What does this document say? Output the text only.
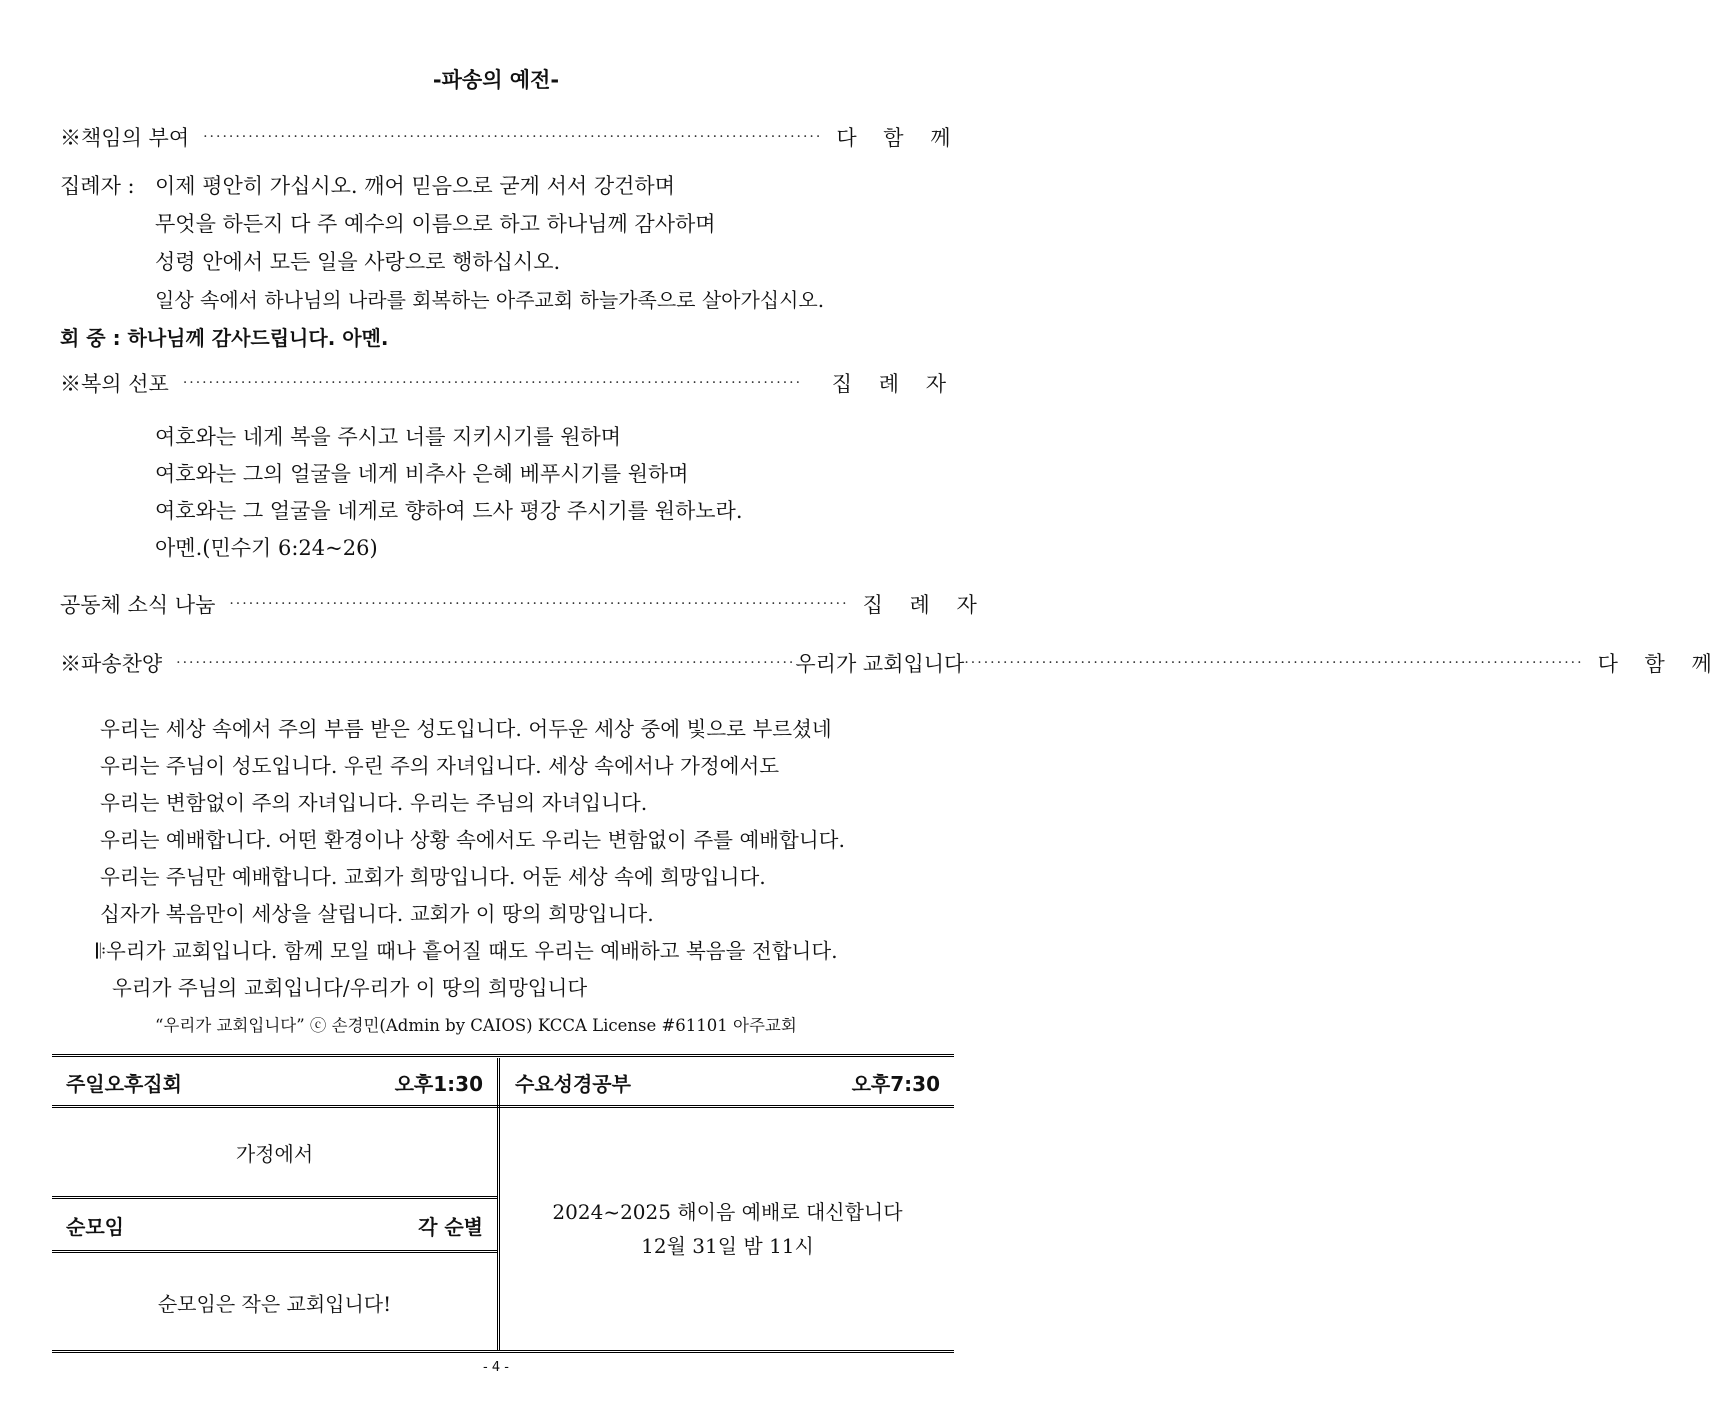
-파송의 예전-
※책임의 부여 ································································································ 다 함 께
집례자 : 이제 평안히 가십시오. 깨어 믿음으로 굳게 서서 강건하며
무엇을 하든지 다 주 예수의 이름으로 하고 하나님께 감사하며
성령 안에서 모든 일을 사랑으로 행하십시오.
일상 속에서 하나님의 나라를 회복하는 아주교회 하늘가족으로 살아가십시오.
회 중 : 하나님께 감사드립니다. 아멘.
※복의 선포 ································································································	집 례 자
여호와는 네게 복을 주시고 너를 지키시기를 원하며
여호와는 그의 얼굴을 네게 비추사 은혜 베푸시기를 원하며
여호와는 그 얼굴을 네게로 향하여 드사 평강 주시기를 원하노라.
아멘.(민수기 6:24~26)
공동체 소식 나눔 ································································································ 집 례 자
※파송찬양 ································································································ 우리가 교회입니다 ································································································ 다 함 께
우리는 세상 속에서 주의 부름 받은 성도입니다. 어두운 세상 중에 빛으로 부르셨네
우리는 주님이 성도입니다. 우린 주의 자녀입니다. 세상 속에서나 가정에서도
우리는 변함없이 주의 자녀입니다. 우리는 주님의 자녀입니다.
우리는 예배합니다. 어떤 환경이나 상황 속에서도 우리는 변함없이 주를 예배합니다.
우리는 주님만 예배합니다. 교회가 희망입니다. 어둔 세상 속에 희망입니다.
십자가 복음만이 세상을 살립니다. 교회가 이 땅의 희망입니다.
𝄆우리가 교회입니다. 함께 모일 때나 흩어질 때도 우리는 예배하고 복음을 전합니다.
우리가 주님의 교회입니다/우리가 이 땅의 희망입니다
“우리가 교회입니다” ⓒ 손경민(Admin by CAIOS) KCCA License #61101 아주교회
주일오후집회	오후1:30 수요성경공부	오후7:30
가정에서
순모임	각 순별
순모임은 작은 교회입니다!
2024~2025 해이음 예배로 대신합니다
12월 31일 밤 11시
- 4 -
